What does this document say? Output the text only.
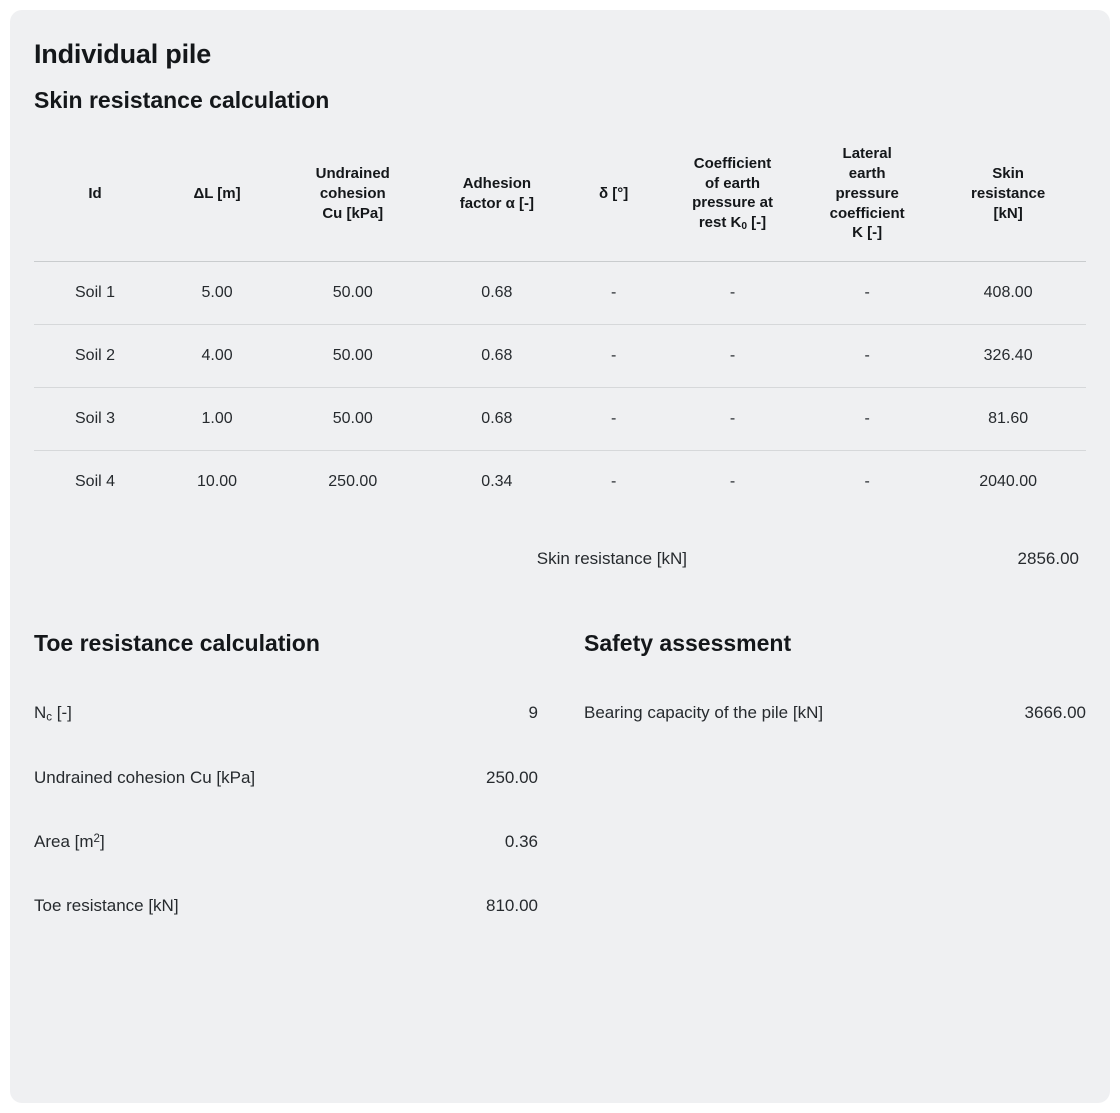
Individual pile
Skin resistance calculation
Id	ΔL [m]	Undrained
cohesion
Cu [kPa]	Adhesion
factor α [-]	δ [°]	Coefficient
of earth
pressure at
rest $K_0$ [-]	Lateral
earth
pressure
coefficient
K [-]	Skin
resistance
[kN]
Soil 1	5.00	50.00	0.68	-	-	-	408.00
Soil 2	4.00	50.00	0.68	-	-	-	326.40
Soil 3	1.00	50.00	0.68	-	-	-	81.60
Soil 4	10.00	250.00	0.34	-	-	-	2040.00
Skin resistance [kN]	2856.00
Toe resistance calculation
$N_c$ [-]	9
Undrained cohesion Cu [kPa]	250.00
Area $[m^2]$	0.36
Toe resistance [kN]	810.00
Safety assessment
Bearing capacity of the pile [kN]	3666.00
